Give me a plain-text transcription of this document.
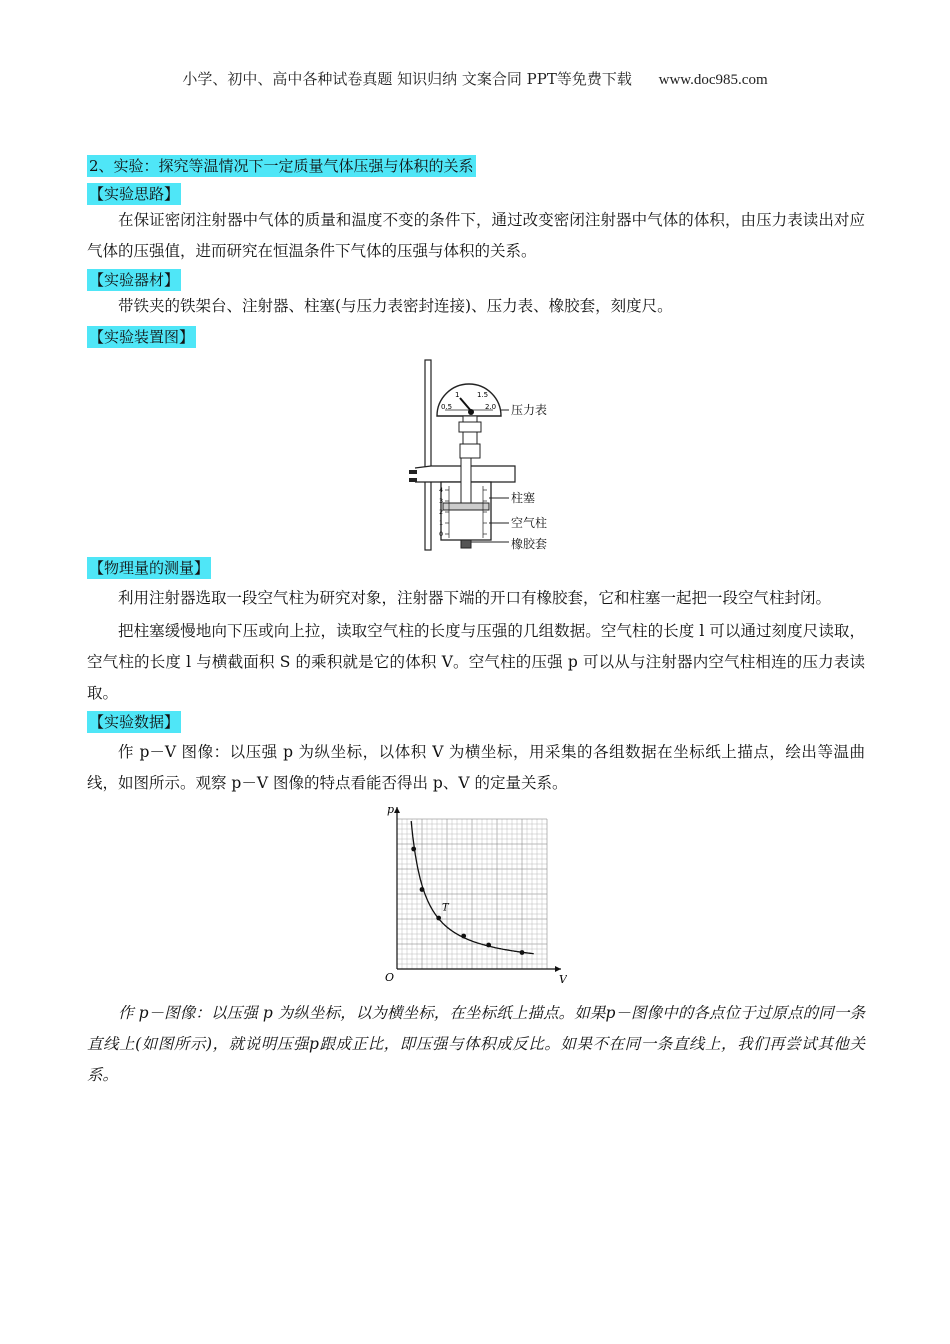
小学、初中、高中各种试卷真题 知识归纳 文案合同 PPT等免费下载 www.doc985.com
2、实验：探究等温情况下一定质量气体压强与体积的关系
【实验思路】

在保证密闭注射器中气体的质量和温度不变的条件下，通过改变密闭注射器中气体的体积，由压力表读出对应气体的压强值，进而研究在恒温条件下气体的压强与体积的关系。

【实验器材】

带铁夹的铁架台、注射器、柱塞(与压力表密封连接)、压力表、橡胶套，刻度尺。

【实验装置图】
0.5
1	1.5
2.0
4
3
2
1
0
压力表
柱塞
空气柱
橡胶套
【物理量的测量】

利用注射器选取一段空气柱为研究对象，注射器下端的开口有橡胶套，它和柱塞一起把一段空气柱封闭。

把柱塞缓慢地向下压或向上拉，读取空气柱的长度与压强的几组数据。空气柱的长度 l 可以通过刻度尺读取，空气柱的长度 l 与横截面积 S 的乘积就是它的体积 V。空气柱的压强 p 可以从与注射器内空气柱相连的压力表读取。

【实验数据】

作 p－V 图像：以压强 p 为纵坐标，以体积 V 为横坐标，用采集的各组数据在坐标纸上描点，绘出等温曲线，如图所示。观察 p－V 图像的特点看能否得出 p、V 的定量关系。

V
p
O
T

作 p－图像：以压强 p 为纵坐标，以为横坐标，在坐标纸上描点。如果p－图像中的各点位于过原点的同一条直线上(如图所示)，就说明压强p跟成正比，即压强与体积成反比。如果不在同一条直线上，我们再尝试其他关系。
